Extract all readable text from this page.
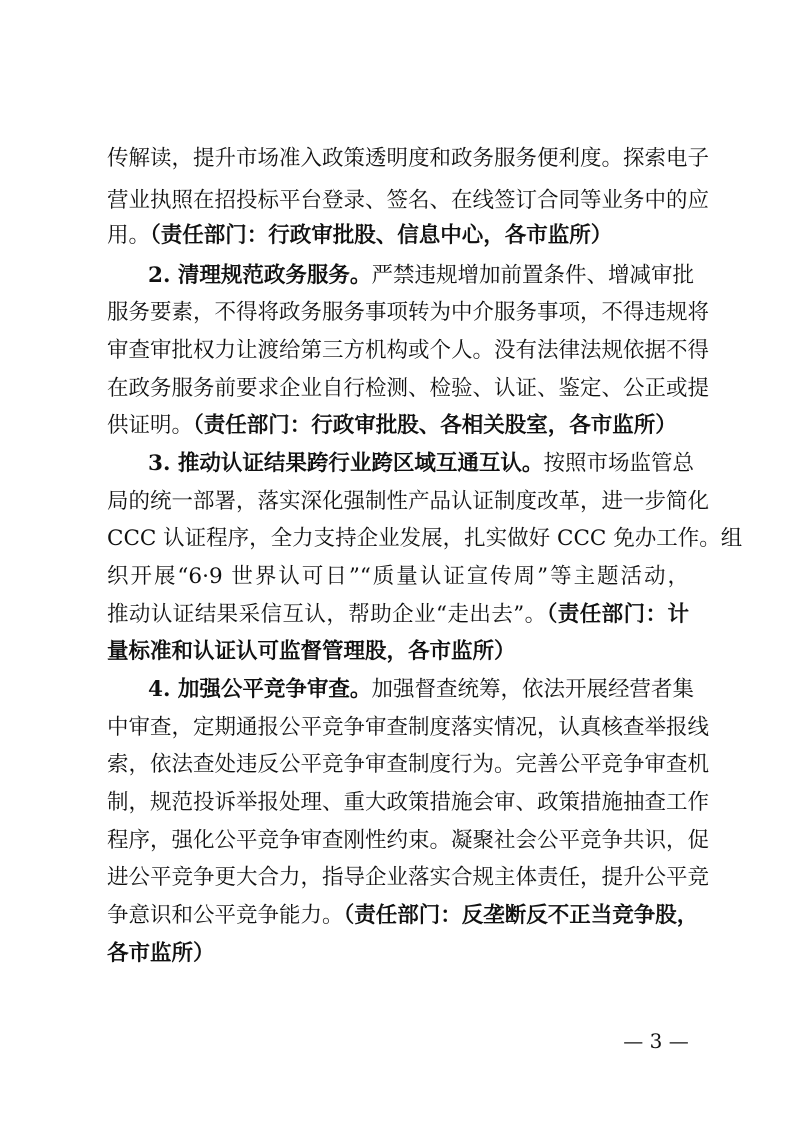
传解读，提升市场准入政策透明度和政务服务便利度。探索电子
营业执照在招投标平台登录、签名、在线签订合同等业务中的应
用。（责任部门：行政审批股、信息中心，各市监所）
2. 清理规范政务服务。严禁违规增加前置条件、增减审批
服务要素，不得将政务服务事项转为中介服务事项，不得违规将
审查审批权力让渡给第三方机构或个人。没有法律法规依据不得
在政务服务前要求企业自行检测、检验、认证、鉴定、公正或提
供证明。（责任部门：行政审批股、各相关股室，各市监所）
3. 推动认证结果跨行业跨区域互通互认。按照市场监管总
局的统一部署，落实深化强制性产品认证制度改革，进一步简化
CCC 认证程序，全力支持企业发展，扎实做好 CCC 免办工作。组
织开展“6·9 世界认可日”“质量认证宣传周”等主题活动，
推动认证结果采信互认，帮助企业“走出去”。（责任部门：计
量标准和认证认可监督管理股，各市监所）
4. 加强公平竞争审查。加强督查统筹，依法开展经营者集
中审查，定期通报公平竞争审查制度落实情况，认真核查举报线
索，依法查处违反公平竞争审查制度行为。完善公平竞争审查机
制，规范投诉举报处理、重大政策措施会审、政策措施抽查工作
程序，强化公平竞争审查刚性约束。凝聚社会公平竞争共识，促
进公平竞争更大合力，指导企业落实合规主体责任，提升公平竞
争意识和公平竞争能力。（责任部门：反垄断反不正当竞争股，
各市监所）
— 3 —
